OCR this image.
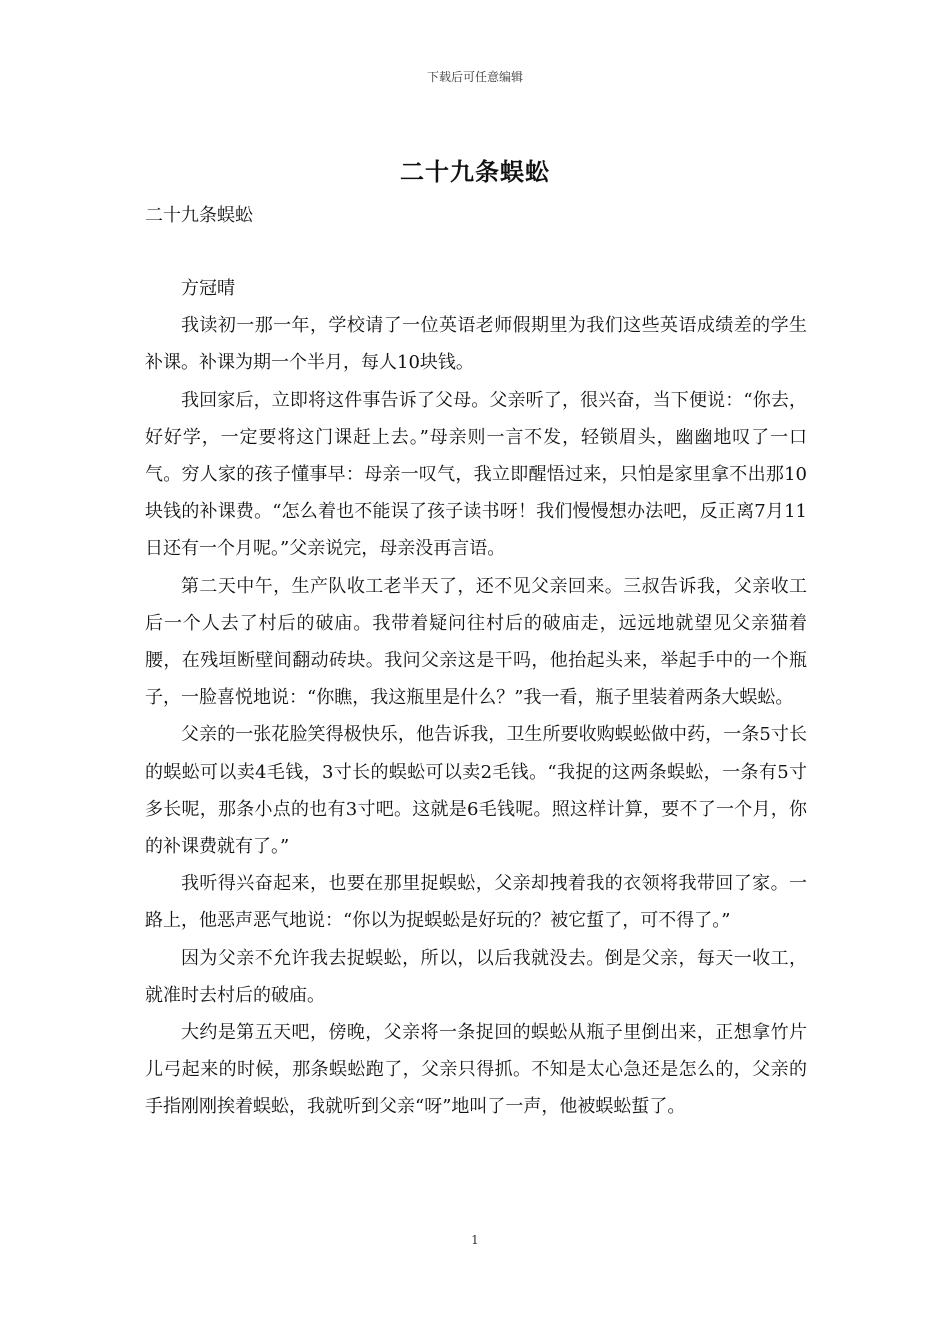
下载后可任意编辑
二十九条蜈蚣

二十九条蜈蚣

方冠晴

我读初一那一年，学校请了一位英语老师假期里为我们这些英语成绩差的学生补课。补课为期一个半月，每人10块钱。

我回家后，立即将这件事告诉了父母。父亲听了，很兴奋，当下便说：“你去，好好学，一定要将这门课赶上去。”母亲则一言不发，轻锁眉头，幽幽地叹了一口气。穷人家的孩子懂事早：母亲一叹气，我立即醒悟过来，只怕是家里拿不出那10块钱的补课费。“怎么着也不能误了孩子读书呀！我们慢慢想办法吧，反正离7月11日还有一个月呢。”父亲说完，母亲没再言语。

第二天中午，生产队收工老半天了，还不见父亲回来。三叔告诉我，父亲收工后一个人去了村后的破庙。我带着疑问往村后的破庙走，远远地就望见父亲猫着腰，在残垣断壁间翻动砖块。我问父亲这是干吗，他抬起头来，举起手中的一个瓶子，一脸喜悦地说：“你瞧，我这瓶里是什么？”我一看，瓶子里装着两条大蜈蚣。

父亲的一张花脸笑得极快乐，他告诉我，卫生所要收购蜈蚣做中药，一条5寸长的蜈蚣可以卖4毛钱，3寸长的蜈蚣可以卖2毛钱。“我捉的这两条蜈蚣，一条有5寸多长呢，那条小点的也有3寸吧。这就是6毛钱呢。照这样计算，要不了一个月，你的补课费就有了。”

我听得兴奋起来，也要在那里捉蜈蚣，父亲却拽着我的衣领将我带回了家。一路上，他恶声恶气地说：“你以为捉蜈蚣是好玩的？被它蜇了，可不得了。”

因为父亲不允许我去捉蜈蚣，所以，以后我就没去。倒是父亲，每天一收工，就准时去村后的破庙。

大约是第五天吧，傍晚，父亲将一条捉回的蜈蚣从瓶子里倒出来，正想拿竹片儿弓起来的时候，那条蜈蚣跑了，父亲只得抓。不知是太心急还是怎么的，父亲的手指刚刚挨着蜈蚣，我就听到父亲“呀”地叫了一声，他被蜈蚣蜇了。

1
